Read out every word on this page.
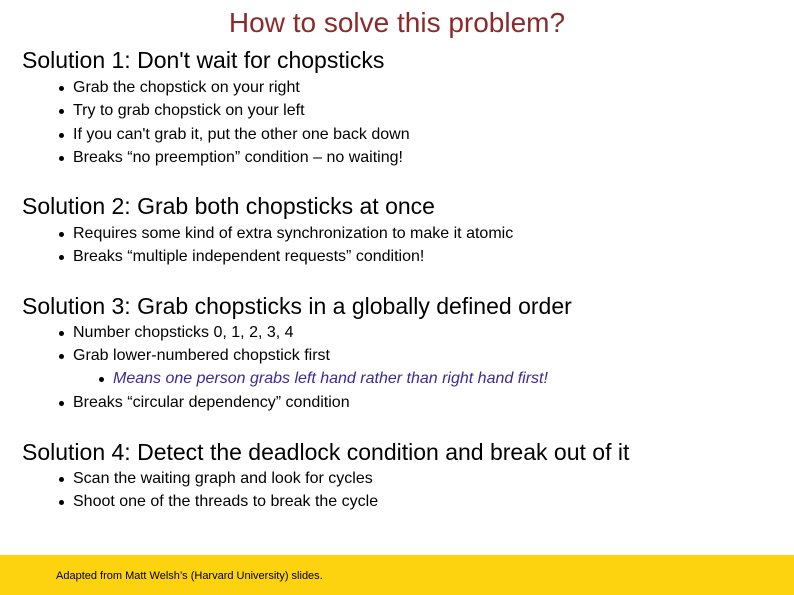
How to solve this problem?
Solution 1: Don't wait for chopsticks
Grab the chopstick on your right
Try to grab chopstick on your left
If you can't grab it, put the other one back down
Breaks “no preemption” condition – no waiting!
Solution 2: Grab both chopsticks at once
Requires some kind of extra synchronization to make it atomic
Breaks “multiple independent requests” condition!
Solution 3: Grab chopsticks in a globally defined order
Number chopsticks 0, 1, 2, 3, 4
Grab lower-numbered chopstick first
Means one person grabs left hand rather than right hand first!
Breaks “circular dependency” condition
Solution 4: Detect the deadlock condition and break out of it
Scan the waiting graph and look for cycles
Shoot one of the threads to break the cycle
Adapted from Matt Welsh’s (Harvard University) slides.
